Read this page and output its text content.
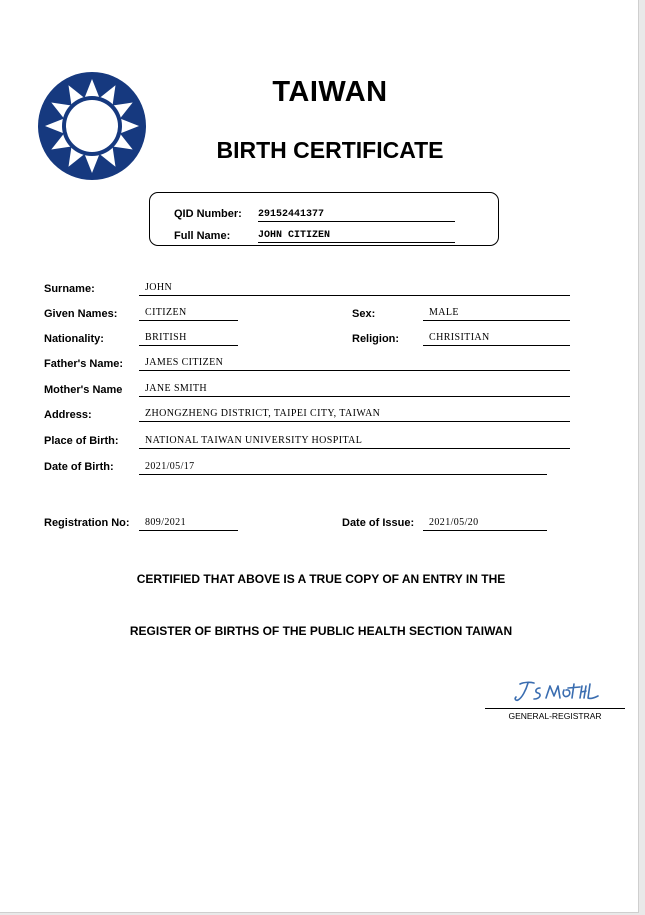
TAIWAN
BIRTH CERTIFICATE
QID Number: 29152441377
Full Name:	JOHN CITIZEN
Surname:	JOHN
Given Names:	CITIZEN	Sex:	MALE
Nationality:	BRITISH	Religion:	CHRISITIAN
Father's Name:	JAMES CITIZEN
Mother's Name	JANE SMITH
Address:	ZHONGZHENG DISTRICT, TAIPEI CITY, TAIWAN
Place of Birth:	NATIONAL TAIWAN UNIVERSITY HOSPITAL
Date of Birth:	2021/05/17
Registration No:	809/2021	Date of Issue:	2021/05/20
CERTIFIED THAT ABOVE IS A TRUE COPY OF AN ENTRY IN THE
REGISTER OF BIRTHS OF THE PUBLIC HEALTH SECTION TAIWAN
GENERAL-REGISTRAR
